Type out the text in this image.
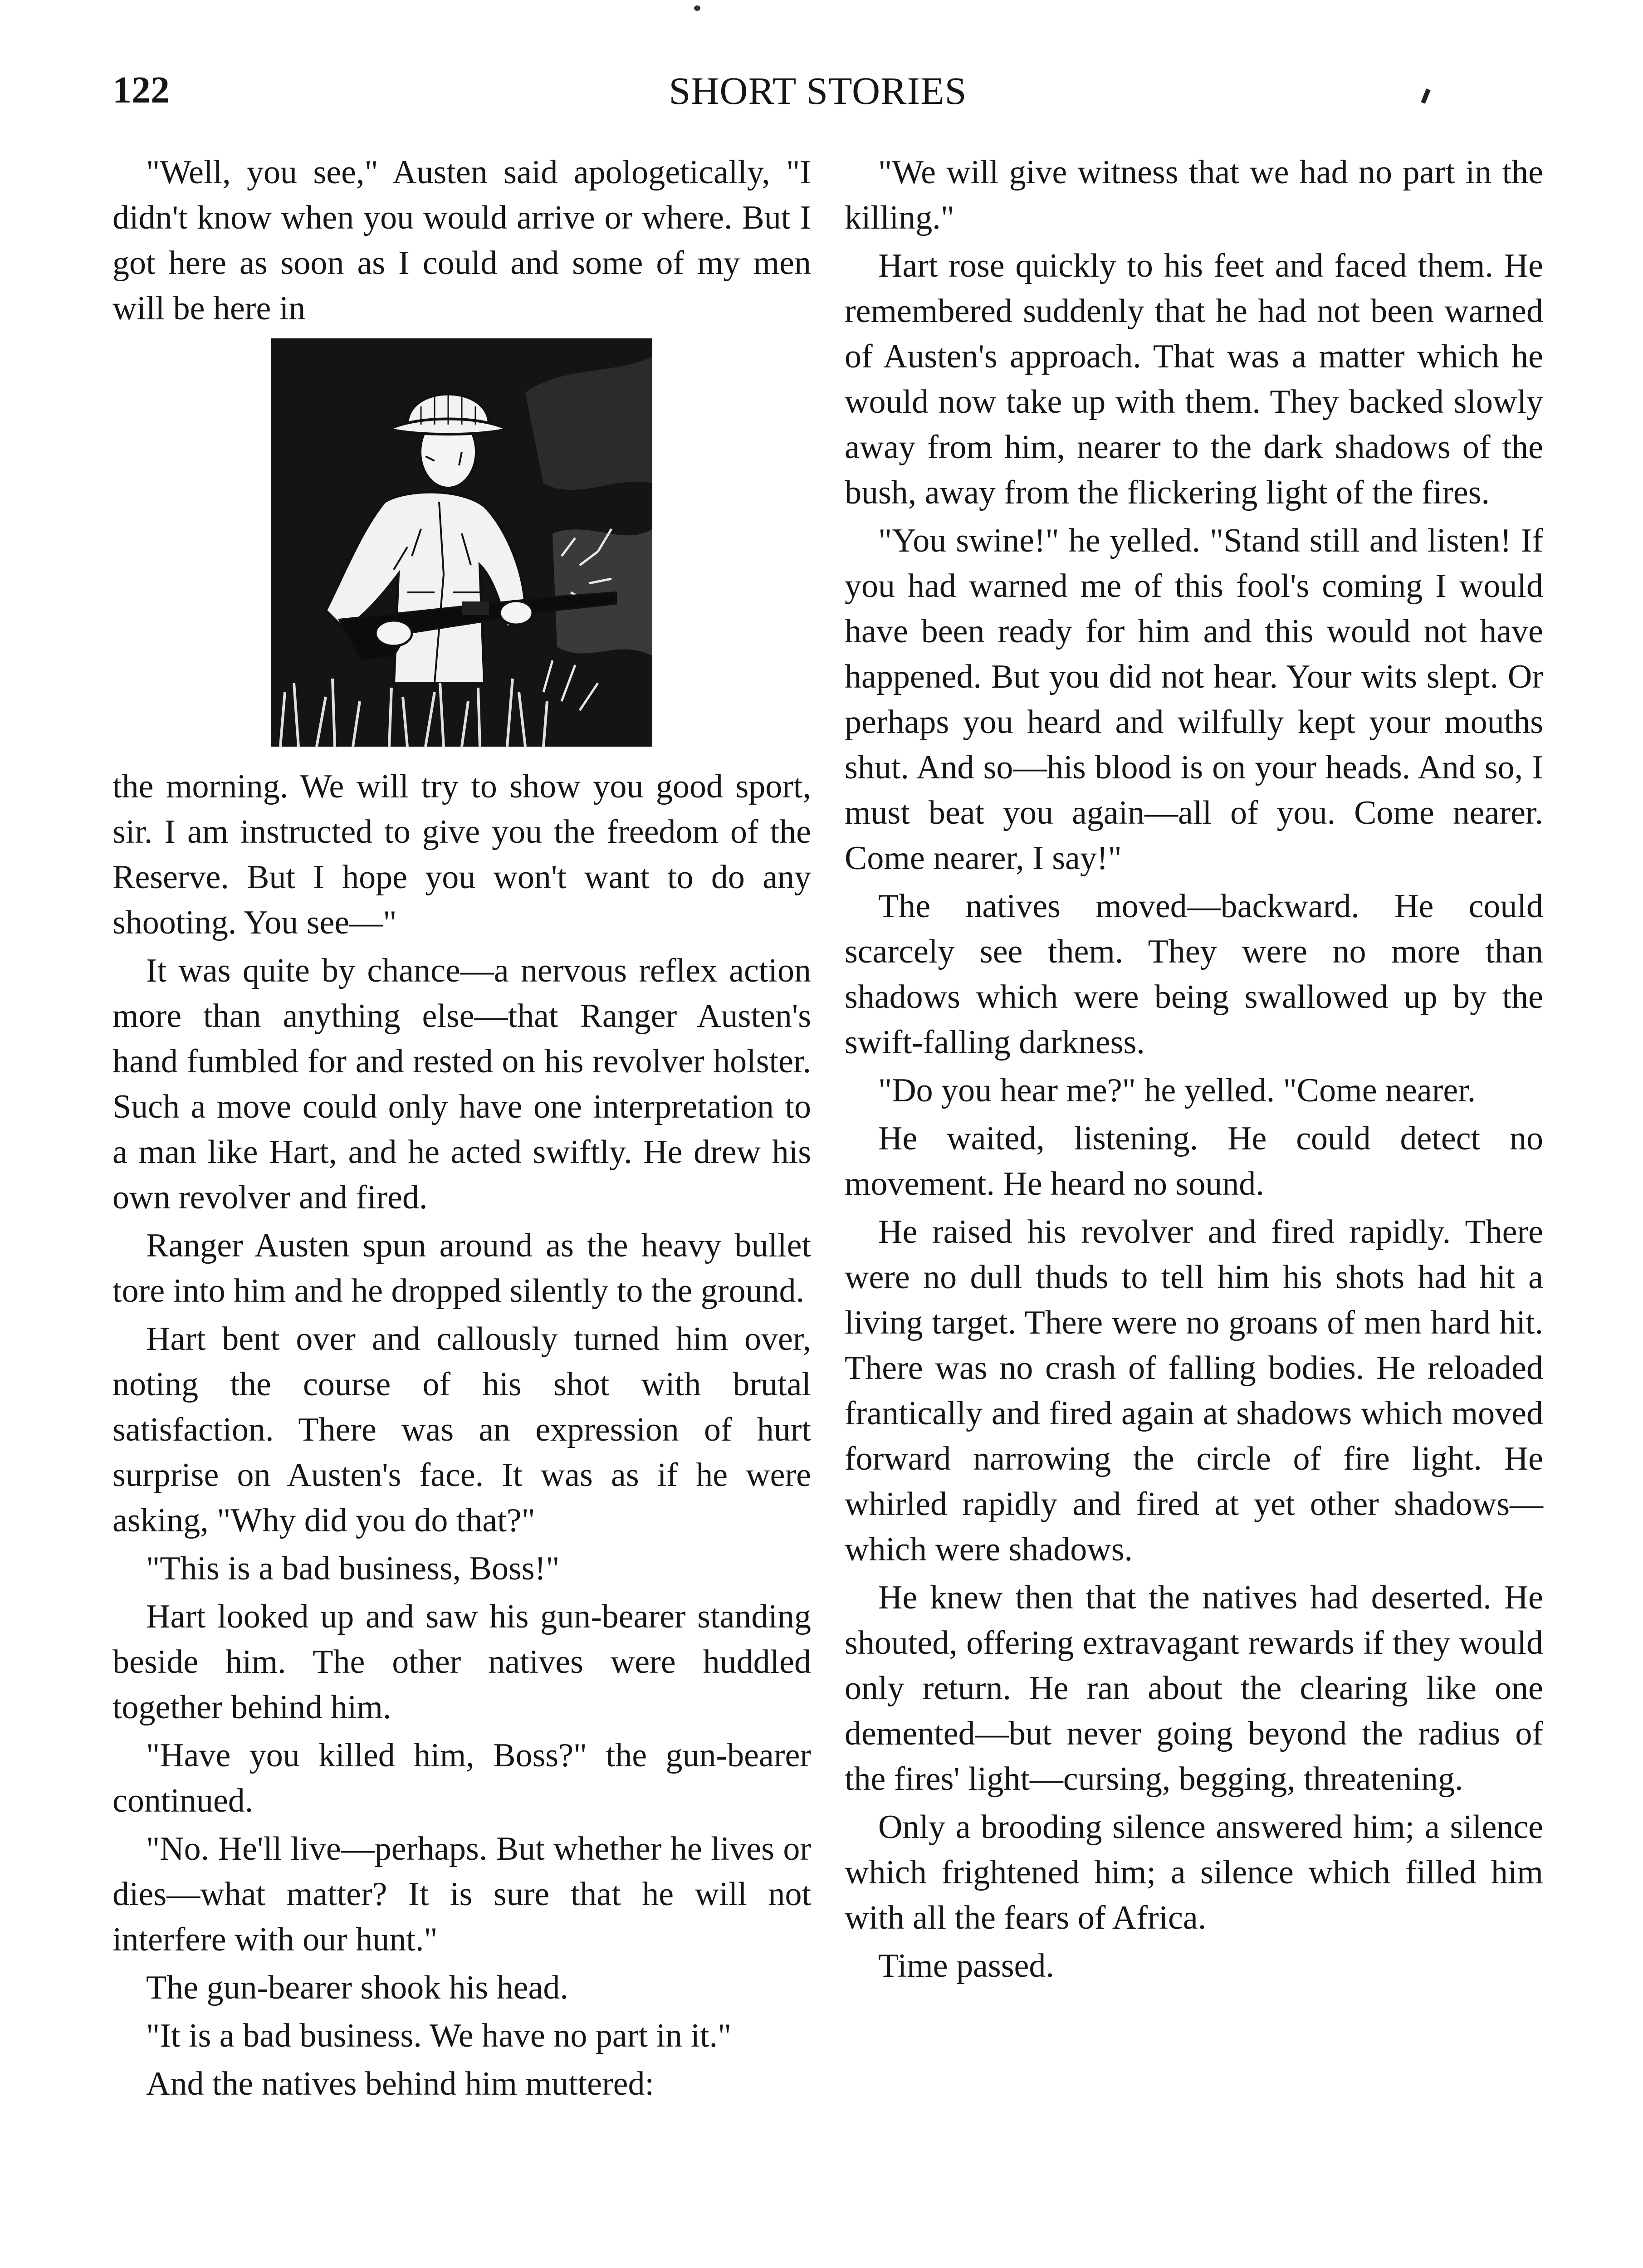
122	SHORT STORIES

"Well, you see," Austen said apologetically, "I didn't know when you would arrive or where. But I got here as soon as I could and some of my men will be here in

the morning. We will try to show you good sport, sir. I am instructed to give you the freedom of the Reserve. But I hope you won't want to do any shooting. You see—"

It was quite by chance—a nervous reflex action more than anything else—that Ranger Austen's hand fumbled for and rested on his revolver holster. Such a move could only have one interpretation to a man like Hart, and he acted swiftly. He drew his own revolver and fired.

Ranger Austen spun around as the heavy bullet tore into him and he dropped silently to the ground.

Hart bent over and callously turned him over, noting the course of his shot with brutal satisfaction. There was an expression of hurt surprise on Austen's face. It was as if he were asking, "Why did you do that?"

"This is a bad business, Boss!"

Hart looked up and saw his gun-bearer standing beside him. The other natives were huddled together behind him.

"Have you killed him, Boss?" the gun-bearer continued.

"No. He'll live—perhaps. But whether he lives or dies—what matter? It is sure that he will not interfere with our hunt."

The gun-bearer shook his head.

"It is a bad business. We have no part in it."

And the natives behind him muttered:

"We will give witness that we had no part in the killing."

Hart rose quickly to his feet and faced them. He remembered suddenly that he had not been warned of Austen's approach. That was a matter which he would now take up with them. They backed slowly away from him, nearer to the dark shadows of the bush, away from the flickering light of the fires.

"You swine!" he yelled. "Stand still and listen! If you had warned me of this fool's coming I would have been ready for him and this would not have happened. But you did not hear. Your wits slept. Or perhaps you heard and wilfully kept your mouths shut. And so—his blood is on your heads. And so, I must beat you again—all of you. Come nearer. Come nearer, I say!"

The natives moved—backward. He could scarcely see them. They were no more than shadows which were being swallowed up by the swift-falling darkness.

"Do you hear me?" he yelled. "Come nearer.

He waited, listening. He could detect no movement. He heard no sound.

He raised his revolver and fired rapidly. There were no dull thuds to tell him his shots had hit a living target. There were no groans of men hard hit. There was no crash of falling bodies. He reloaded frantically and fired again at shadows which moved forward narrowing the circle of fire light. He whirled rapidly and fired at yet other shadows—which were shadows.

He knew then that the natives had deserted. He shouted, offering extravagant rewards if they would only return. He ran about the clearing like one demented—but never going beyond the radius of the fires' light—cursing, begging, threatening.

Only a brooding silence answered him; a silence which frightened him; a silence which filled him with all the fears of Africa.

Time passed.
